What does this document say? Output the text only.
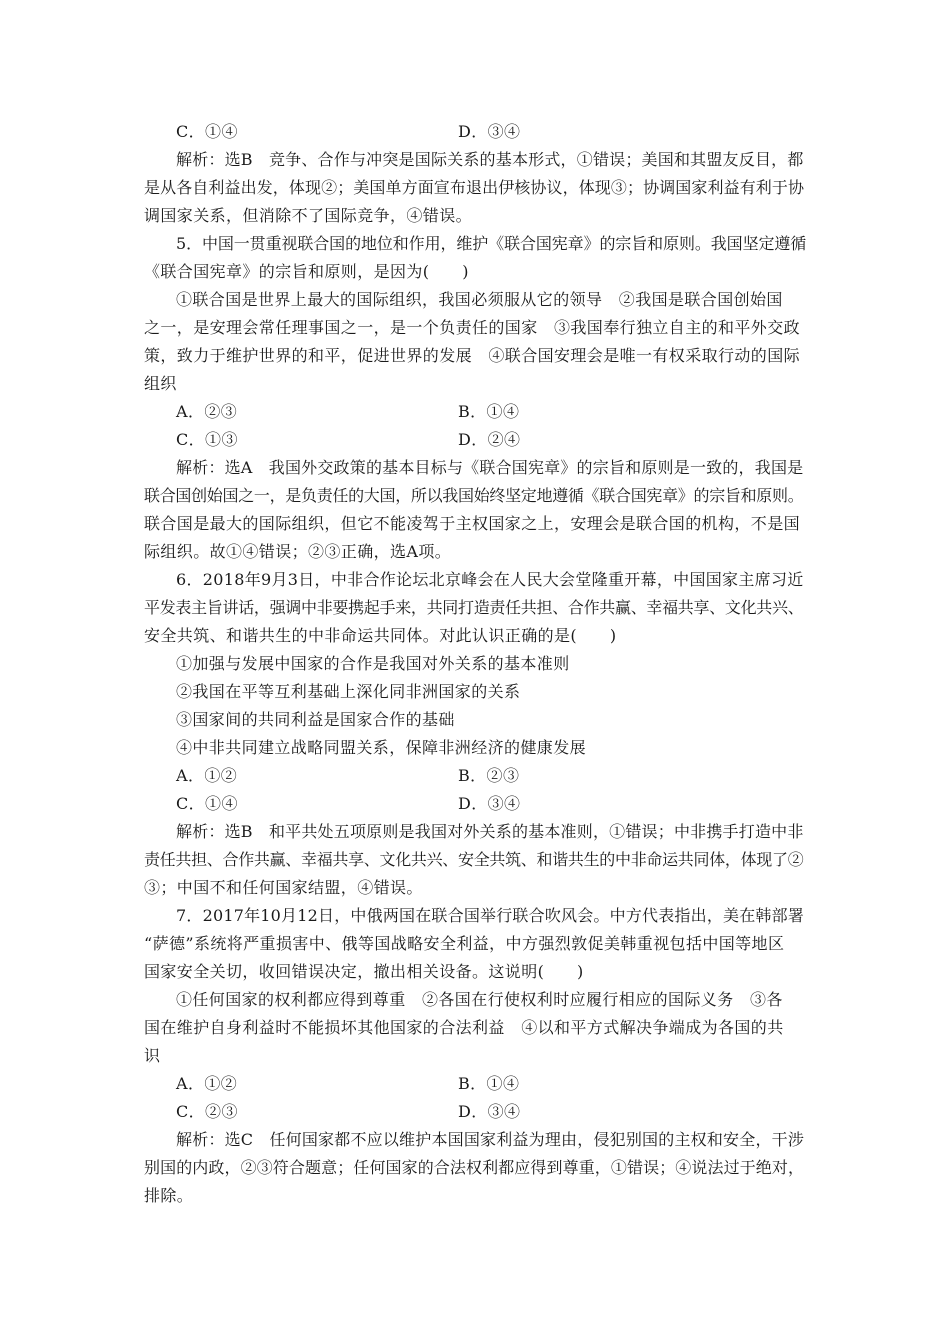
C．①④	D．③④
解析：选B　竞争、合作与冲突是国际关系的基本形式，①错误；美国和其盟友反目，都
是从各自利益出发，体现②；美国单方面宣布退出伊核协议，体现③；协调国家利益有利于协
调国家关系，但消除不了国际竞争，④错误。
5．中国一贯重视联合国的地位和作用，维护《联合国宪章》的宗旨和原则。我国坚定遵循
《联合国宪章》的宗旨和原则，是因为(　　)
①联合国是世界上最大的国际组织，我国必须服从它的领导　②我国是联合国创始国
之一，是安理会常任理事国之一，是一个负责任的国家　③我国奉行独立自主的和平外交政
策，致力于维护世界的和平，促进世界的发展　④联合国安理会是唯一有权采取行动的国际
组织
A．②③	B．①④
C．①③	D．②④
解析：选A　我国外交政策的基本目标与《联合国宪章》的宗旨和原则是一致的，我国是
联合国创始国之一，是负责任的大国，所以我国始终坚定地遵循《联合国宪章》的宗旨和原则。
联合国是最大的国际组织，但它不能凌驾于主权国家之上，安理会是联合国的机构，不是国
际组织。故①④错误；②③正确，选A项。
6．2018年9月3日，中非合作论坛北京峰会在人民大会堂隆重开幕，中国国家主席习近
平发表主旨讲话，强调中非要携起手来，共同打造责任共担、合作共赢、幸福共享、文化共兴、
安全共筑、和谐共生的中非命运共同体。对此认识正确的是(　　)
①加强与发展中国家的合作是我国对外关系的基本准则
②我国在平等互利基础上深化同非洲国家的关系
③国家间的共同利益是国家合作的基础
④中非共同建立战略同盟关系，保障非洲经济的健康发展
A．①②	B．②③
C．①④	D．③④
解析：选B　和平共处五项原则是我国对外关系的基本准则，①错误；中非携手打造中非
责任共担、合作共赢、幸福共享、文化共兴、安全共筑、和谐共生的中非命运共同体，体现了②
③；中国不和任何国家结盟，④错误。
7．2017年10月12日，中俄两国在联合国举行联合吹风会。中方代表指出，美在韩部署
“萨德”系统将严重损害中、俄等国战略安全利益，中方强烈敦促美韩重视包括中国等地区
国家安全关切，收回错误决定，撤出相关设备。这说明(　　)
①任何国家的权利都应得到尊重　②各国在行使权利时应履行相应的国际义务　③各
国在维护自身利益时不能损坏其他国家的合法利益　④以和平方式解决争端成为各国的共
识
A．①②	B．①④
C．②③	D．③④
解析：选C　任何国家都不应以维护本国国家利益为理由，侵犯别国的主权和安全，干涉
别国的内政，②③符合题意；任何国家的合法权利都应得到尊重，①错误；④说法过于绝对，
排除。
